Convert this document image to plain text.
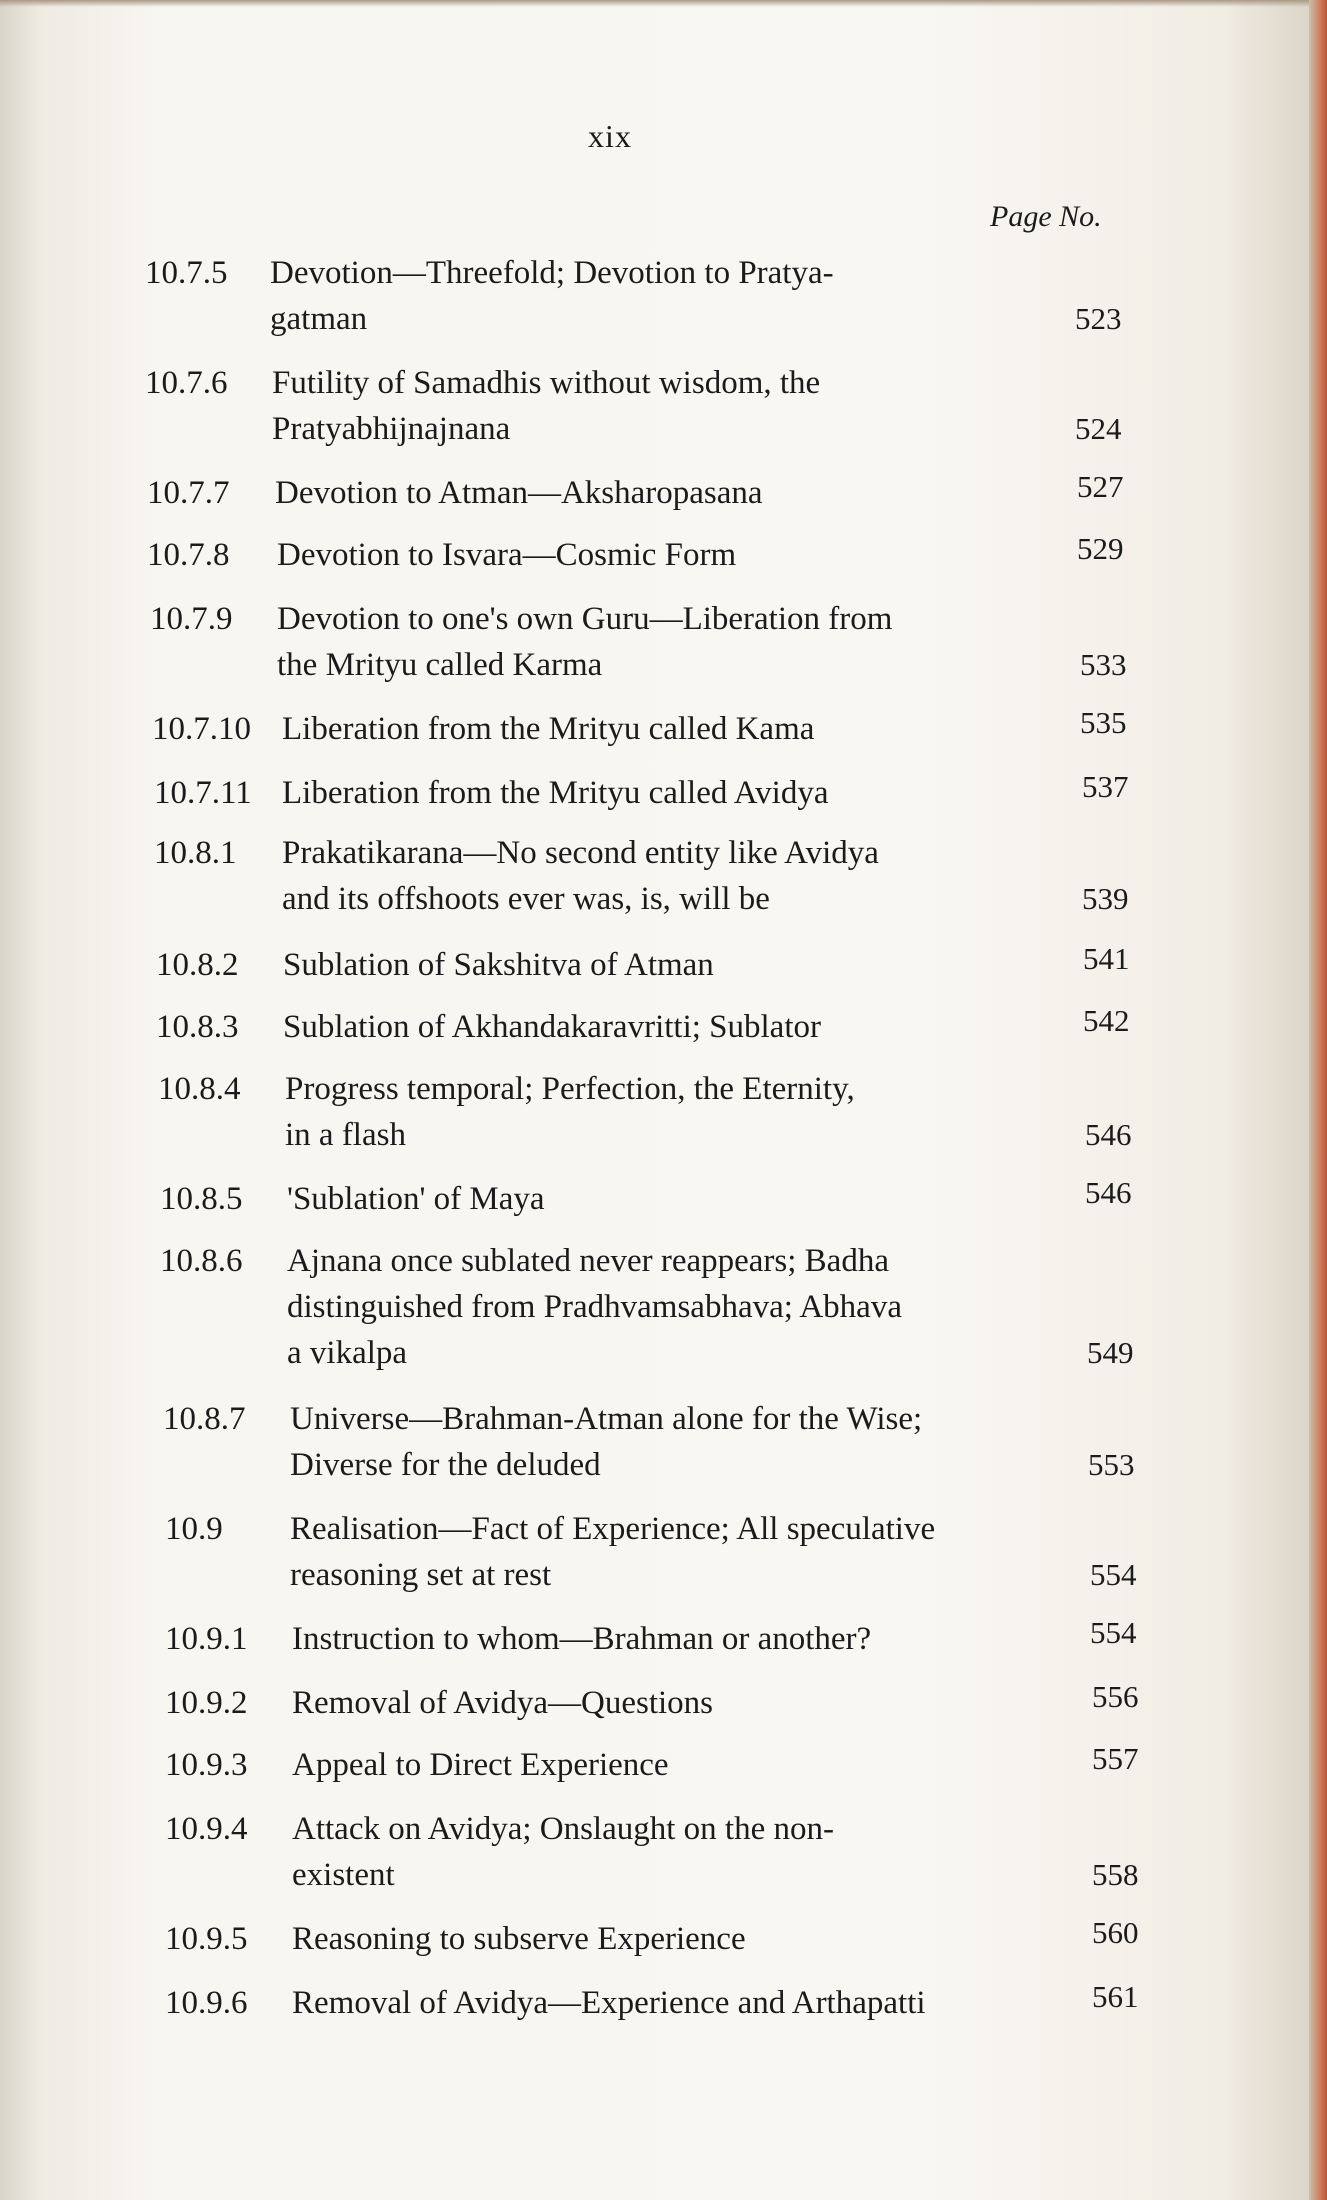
xix
Page No.
10.7.5 Devotion—Threefold; Devotion to Pratya-
gatman	523
10.7.6 Futility of Samadhis without wisdom, the
Pratyabhijnajnana	524
10.7.7 Devotion to Atman—Aksharopasana	527
10.7.8 Devotion to Isvara—Cosmic Form	529
10.7.9 Devotion to one's own Guru—Liberation from
the Mrityu called Karma	533
10.7.10 Liberation from the Mrityu called Kama	535
10.7.11 Liberation from the Mrityu called Avidya	537
10.8.1 Prakatikarana—No second entity like Avidya
and its offshoots ever was, is, will be	539
10.8.2 Sublation of Sakshitva of Atman	541
10.8.3 Sublation of Akhandakaravritti; Sublator	542
10.8.4 Progress temporal; Perfection, the Eternity,
in a flash	546
10.8.5 'Sublation' of Maya	546
10.8.6 Ajnana once sublated never reappears; Badha
distinguished from Pradhvamsabhava; Abhava
a vikalpa	549
10.8.7 Universe—Brahman-Atman alone for the Wise;
Diverse for the deluded	553
10.9 Realisation—Fact of Experience; All speculative
reasoning set at rest	554
10.9.1 Instruction to whom—Brahman or another?	554
10.9.2 Removal of Avidya—Questions	556
10.9.3 Appeal to Direct Experience	557
10.9.4 Attack on Avidya; Onslaught on the non-
existent	558
10.9.5 Reasoning to subserve Experience	560
10.9.6 Removal of Avidya—Experience and Arthapatti	561
